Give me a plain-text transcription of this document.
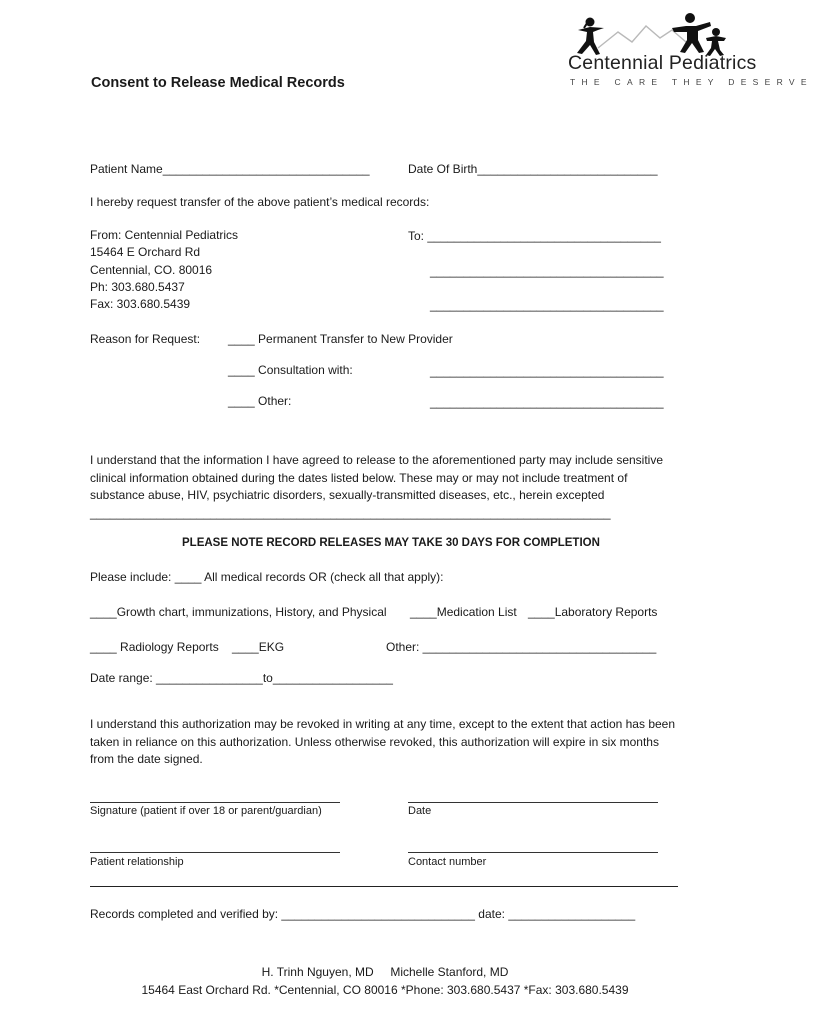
Centennial Pediatrics
THE CARE THEY DESERVE
Consent to Release Medical Records
Patient Name_______________________________	Date Of Birth___________________________
I hereby request transfer of the above patient’s medical records:
From: Centennial Pediatrics
15464 E Orchard Rd
Centennial, CO. 80016
Ph: 303.680.5437
Fax: 303.680.5439
To: ___________________________________
___________________________________
___________________________________
Reason for Request: ____ Permanent Transfer to New Provider
____ Consultation with:	___________________________________
____ Other:	___________________________________
I understand that the information I have agreed to release to the aforementioned party may include sensitive clinical information obtained during the dates listed below. These may or may not include treatment of substance abuse, HIV, psychiatric disorders, sexually-transmitted diseases, etc., herein excepted ______________________________________________________________________________
PLEASE NOTE RECORD RELEASES MAY TAKE 30 DAYS FOR COMPLETION
Please include: ____ All medical records OR (check all that apply):
____Growth chart, immunizations, History, and Physical ____Medication List ____Laboratory Reports
____ Radiology Reports ____EKG	Other: ___________________________________
Date range: ________________to__________________
I understand this authorization may be revoked in writing at any time, except to the extent that action has been taken in reliance on this authorization. Unless otherwise revoked, this authorization will expire in six months from the date signed.
Signature (patient if over 18 or parent/guardian)	Date
Patient relationship	Contact number
Records completed and verified by: _____________________________ date: ___________________
H. Trinh Nguyen, MD     Michelle Stanford, MD
15464 East Orchard Rd. *Centennial, CO 80016 *Phone: 303.680.5437 *Fax: 303.680.5439
